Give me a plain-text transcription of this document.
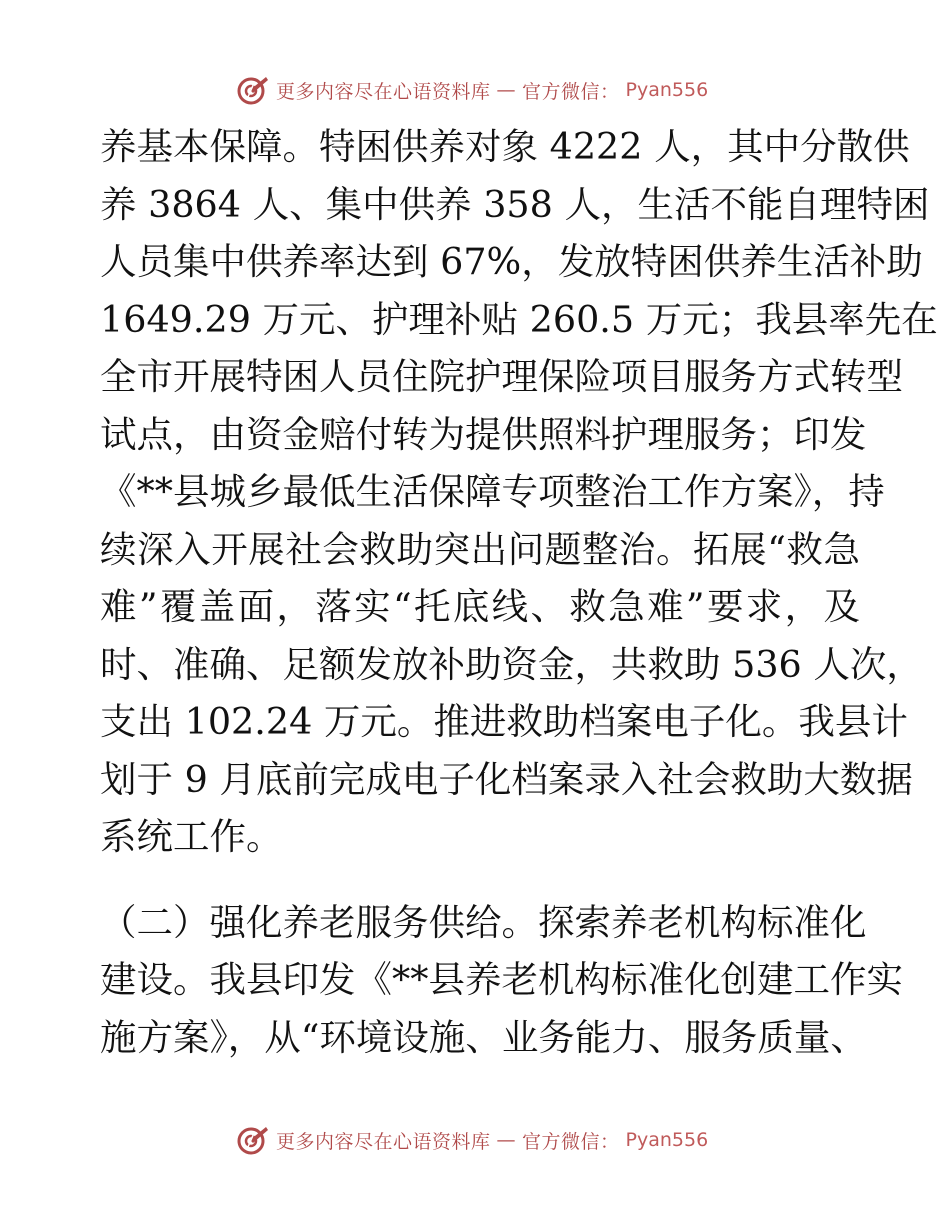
更多内容尽在心语资料库 — 官方微信： Pyan556
养基本保障。特困供养对象 4222 人，其中分散供
养 3864 人、集中供养 358 人，生活不能自理特困
人员集中供养率达到 67%，发放特困供养生活补助
1649.29 万元、护理补贴 260.5 万元；我县率先在
全市开展特困人员住院护理保险项目服务方式转型
试点，由资金赔付转为提供照料护理服务；印发
《**县城乡最低生活保障专项整治工作方案》，持
续深入开展社会救助突出问题整治。拓展“救急
难”覆盖面，落实“托底线、救急难”要求，及
时、准确、足额发放补助资金，共救助 536 人次，
支出 102.24 万元。推进救助档案电子化。我县计
划于 9 月底前完成电子化档案录入社会救助大数据
系统工作。
（二）强化养老服务供给。探索养老机构标准化
建设。我县印发《**县养老机构标准化创建工作实
施方案》，从“环境设施、业务能力、服务质量、
更多内容尽在心语资料库 — 官方微信： Pyan556
